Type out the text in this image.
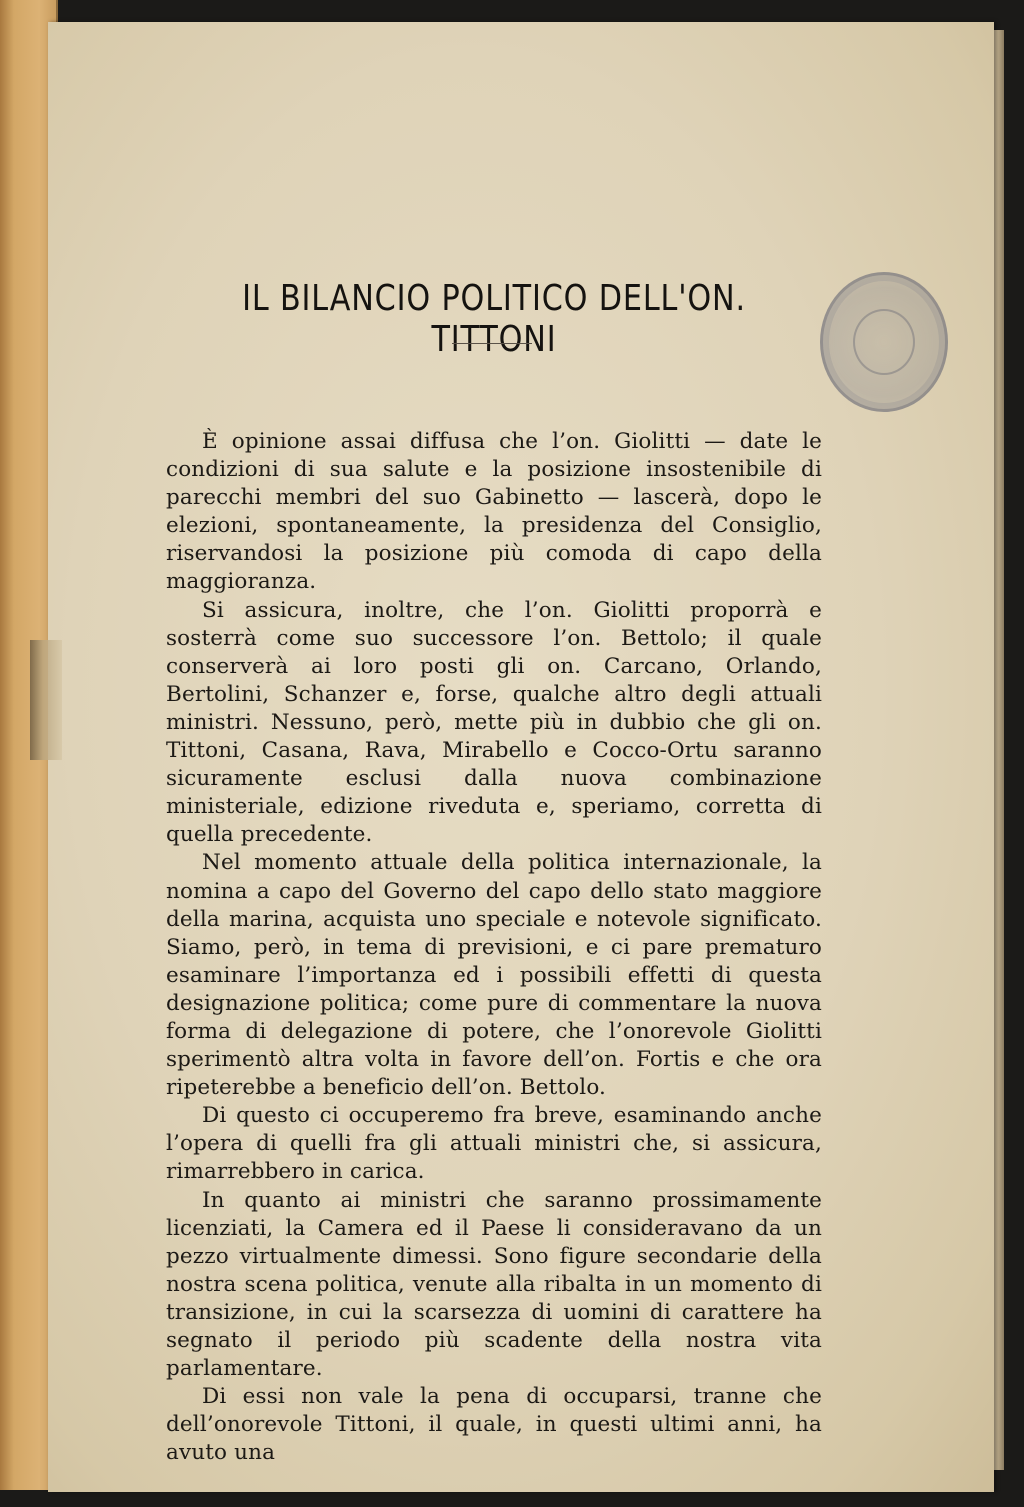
IL BILANCIO POLITICO DELL'ON. TITTONI

È opinione assai diffusa che l’on. Giolitti — date le condizioni di sua salute e la posizione insostenibile di parecchi membri del suo Gabinetto — lascerà, dopo le elezioni, spontaneamente, la presidenza del Consiglio, riservandosi la posizione più comoda di capo della maggioranza.

Si assicura, inoltre, che l’on. Giolitti proporrà e sosterrà come suo successore l’on. Bettolo; il quale conserverà ai loro posti gli on. Carcano, Orlando, Bertolini, Schanzer e, forse, qualche altro degli attuali ministri. Nessuno, però, mette più in dubbio che gli on. Tittoni, Casana, Rava, Mirabello e Cocco-Ortu saranno sicuramente esclusi dalla nuova combinazione ministeriale, edizione riveduta e, speriamo, corretta di quella precedente.

Nel momento attuale della politica internazionale, la nomina a capo del Governo del capo dello stato maggiore della marina, acquista uno speciale e notevole significato. Siamo, però, in tema di previsioni, e ci pare prematuro esaminare l’importanza ed i possibili effetti di questa designazione politica; come pure di commentare la nuova forma di delegazione di potere, che l’onorevole Giolitti sperimentò altra volta in favore dell’on. Fortis e che ora ripeterebbe a beneficio dell’on. Bettolo.

Di questo ci occuperemo fra breve, esaminando anche l’opera di quelli fra gli attuali ministri che, si assicura, rimarrebbero in carica.

In quanto ai ministri che saranno prossimamente licenziati, la Camera ed il Paese li consideravano da un pezzo virtualmente dimessi. Sono figure secondarie della nostra scena politica, venute alla ribalta in un momento di transizione, in cui la scarsezza di uomini di carattere ha segnato il periodo più scadente della nostra vita parlamentare.

Di essi non vale la pena di occuparsi, tranne che dell’onorevole Tittoni, il quale, in questi ultimi anni, ha avuto una
